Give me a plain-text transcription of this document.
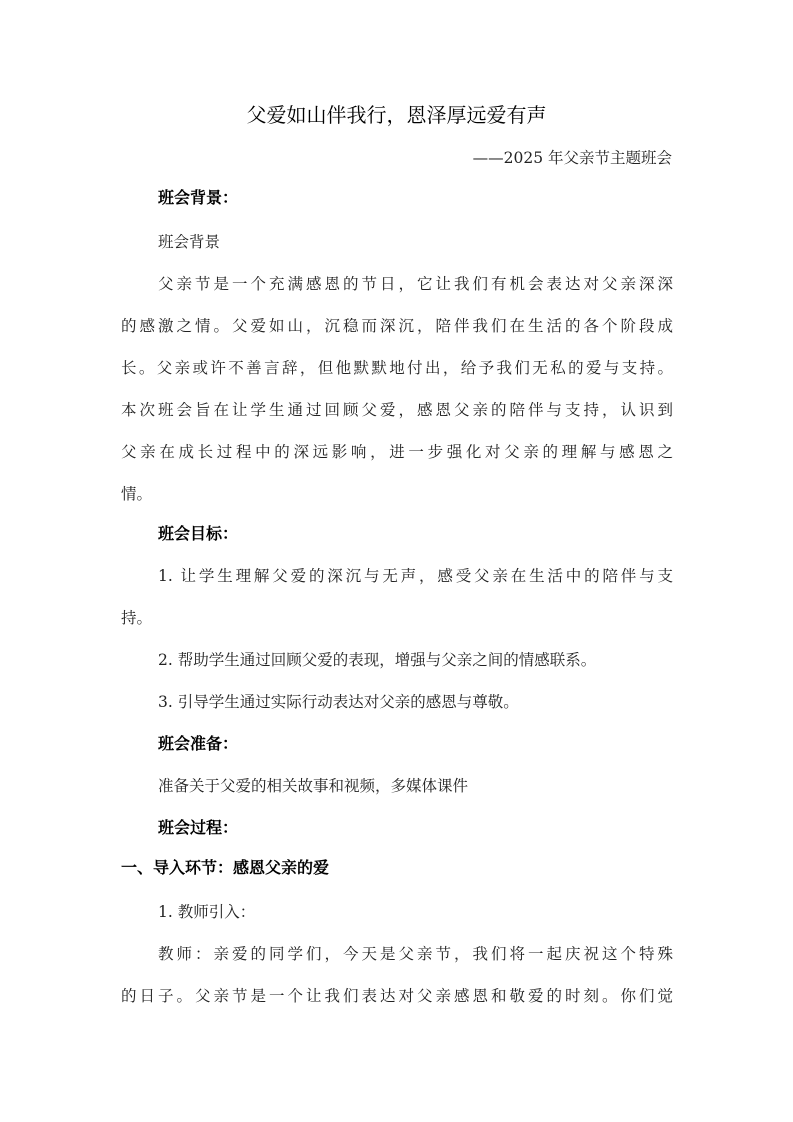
父爱如山伴我行，恩泽厚远爱有声
——2025 年父亲节主题班会
班会背景：
班会背景
父亲节是一个充满感恩的节日，它让我们有机会表达对父亲深深
的感激之情。父爱如山，沉稳而深沉，陪伴我们在生活的各个阶段成
长。父亲或许不善言辞，但他默默地付出，给予我们无私的爱与支持。
本次班会旨在让学生通过回顾父爱，感恩父亲的陪伴与支持，认识到
父亲在成长过程中的深远影响，进一步强化对父亲的理解与感恩之
情。
班会目标：
1. 让学生理解父爱的深沉与无声，感受父亲在生活中的陪伴与支
持。
2. 帮助学生通过回顾父爱的表现，增强与父亲之间的情感联系。
3. 引导学生通过实际行动表达对父亲的感恩与尊敬。
班会准备：
准备关于父爱的相关故事和视频，多媒体课件
班会过程：
一、导入环节：感恩父亲的爱
1. 教师引入：
教师：亲爱的同学们，今天是父亲节，我们将一起庆祝这个特殊
的日子。父亲节是一个让我们表达对父亲感恩和敬爱的时刻。你们觉
